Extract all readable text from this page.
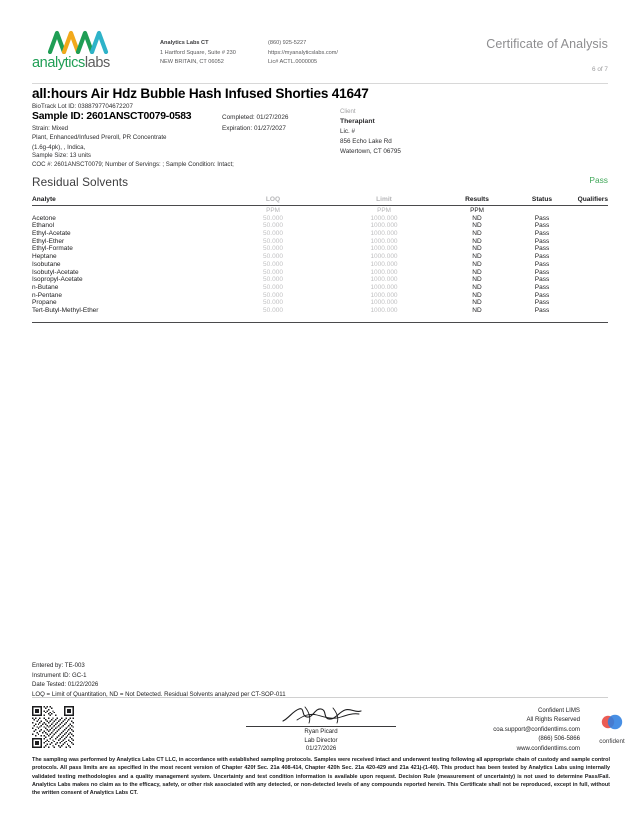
analyticslabs
Analytics Labs CT
1 Hartford Square, Suite # 230
NEW BRITAIN, CT 06052
(860) 925-5227
https://myanalyticslabs.com/
Lic# ACTL.0000005
Certificate of Analysis
6 of 7
all:hours Air Hdz Bubble Hash Infused Shorties 41647
BioTrack Lot ID: 0388797704672207
Sample ID: 2601ANSCT0079-0583
Strain: Mixed
Plant, Enhanced/Infused Preroll, PR Concentrate
(1.6g-4pk), , Indica,
Completed: 01/27/2026
Expiration: 01/27/2027
Client
Theraplant
Lic. #
856 Echo Lake Rd
Watertown, CT 06795
Sample Size: 13 units
COC #: 2601ANSCT0079; Number of Servings: ; Sample Condition: Intact;
Residual Solvents	Pass
Analyte	LOQ	Limit	Results	Status	Qualifiers
	PPM	PPM	PPM		
Acetone	50.000	1000.000	ND	Pass	
Ethanol	50.000	1000.000	ND	Pass	
Ethyl-Acetate	50.000	1000.000	ND	Pass	
Ethyl-Ether	50.000	1000.000	ND	Pass	
Ethyl-Formate	50.000	1000.000	ND	Pass	
Heptane	50.000	1000.000	ND	Pass	
Isobutane	50.000	1000.000	ND	Pass	
Isobutyl-Acetate	50.000	1000.000	ND	Pass	
Isopropyl-Acetate	50.000	1000.000	ND	Pass	
n-Butane	50.000	1000.000	ND	Pass	
n-Pentane	50.000	1000.000	ND	Pass	
Propane	50.000	1000.000	ND	Pass	
Tert-Butyl-Methyl-Ether	50.000	1000.000	ND	Pass	
Entered by: TE-003
Instrument ID: GC-1
Date Tested: 01/22/2026
LOQ = Limit of Quantitation, ND = Not Detected. Residual Solvents analyzed per CT-SOP-011
Ryan Picard
Lab Director
01/27/2026
Confident LIMS
All Rights Reserved
coa.support@confidentlims.com
(866) 506-5866
www.confidentlims.com
confident
The sampling was performed by Analytics Labs CT LLC, in accordance with established sampling protocols. Samples were received intact and underwent testing following all appropriate chain of custody and sample control protocols. All pass limits are as specified in the most recent version of Chapter 420f Sec. 21a 408-414, Chapter 420h Sec. 21a 420-429 and 21a 421j-(1-40). This product has been tested by Analytics Labs using internally validated testing methodologies and a quality management system. Uncertainty and test condition information is available upon request. Decision Rule (measurement of uncertainty) is not used to determine Pass/Fail. Analytics Labs makes no claim as to the efficacy, safety, or other risk associated with any detected, or non-detected levels of any compounds reported herein. This Certificate shall not be reproduced, except in full, without the written consent of Analytics Labs CT.
